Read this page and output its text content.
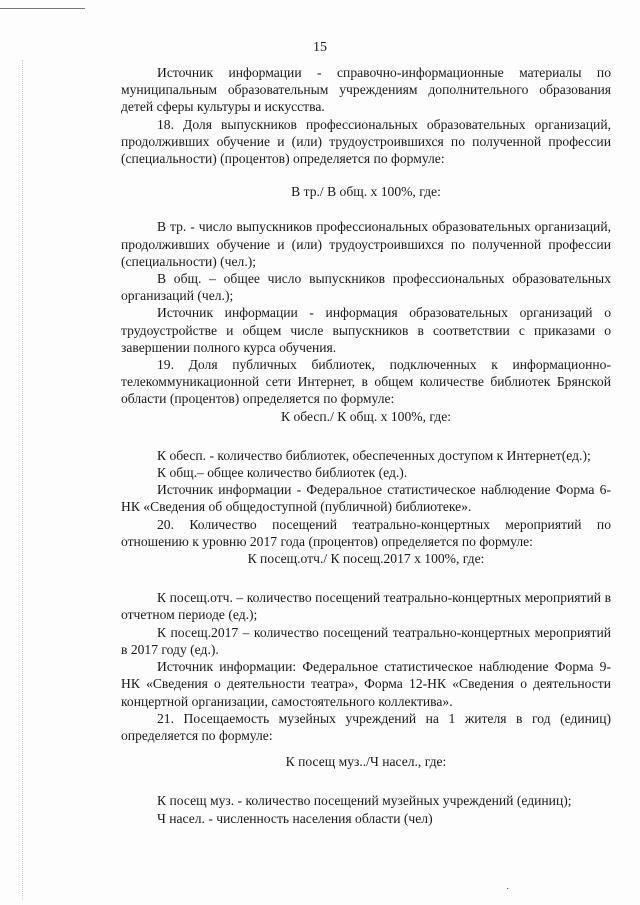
15

Источник информации - справочно-информационные материалы по муниципальным образовательным учреждениям дополнительного образования детей сферы культуры и искусства.

18. Доля выпускников профессиональных образовательных организаций, продолживших обучение и (или) трудоустроившихся по полученной профессии (специальности) (процентов) определяется по формуле:

В тр./ В общ. х 100%, где:

В тр. - число выпускников профессиональных образовательных организаций, продолживших обучение и (или) трудоустроившихся по полученной профессии (специальности) (чел.);

В общ. – общее число выпускников профессиональных образовательных организаций (чел.);

Источник информации - информация образовательных организаций о трудоустройстве и общем числе выпускников в соответствии с приказами о завершении полного курса обучения.

19. Доля публичных библиотек, подключенных к информационно-телекоммуникационной сети Интернет, в общем количестве библиотек Брянской области (процентов) определяется по формуле:

К обесп./ К общ. х 100%, где:

К обесп. - количество библиотек, обеспеченных доступом к Интернет(ед.);

К общ.– общее количество библиотек (ед.).

Источник информации - Федеральное статистическое наблюдение Форма 6-НК «Сведения об общедоступной (публичной) библиотеке».

20. Количество посещений театрально-концертных мероприятий по отношению к уровню 2017 года (процентов) определяется по формуле:

К посещ.отч./ К посещ.2017 х 100%, где:

К посещ.отч. – количество посещений театрально-концертных мероприятий в отчетном периоде (ед.);

К посещ.2017 – количество посещений театрально-концертных мероприятий в 2017 году (ед.).

Источник информации: Федеральное статистическое наблюдение Форма 9-НК «Сведения о деятельности театра», Форма 12-НК «Сведения о деятельности концертной организации, самостоятельного коллектива».

21. Посещаемость музейных учреждений на 1 жителя в год (единиц) определяется по формуле:

К посещ муз../Ч насел., где:

К посещ муз. - количество посещений музейных учреждений (единиц);

Ч насел. - численность населения области (чел)

˙
